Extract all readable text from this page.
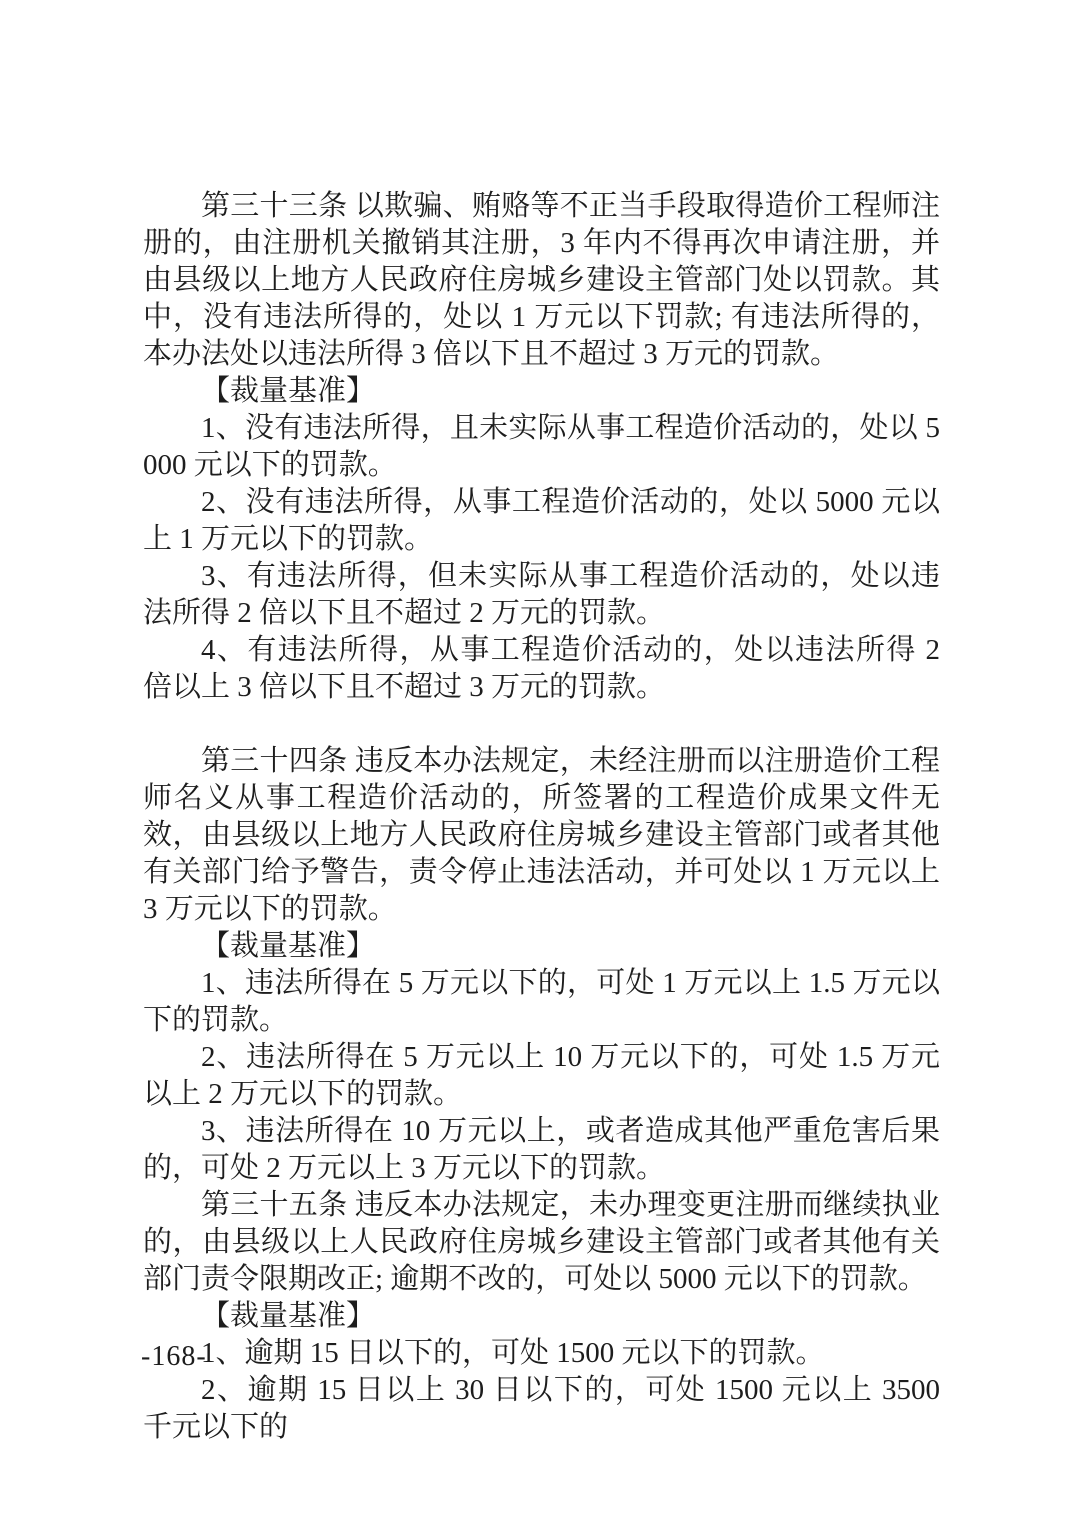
第三十三条 以欺骗、贿赂等不正当手段取得造价工程师注册的，由注册机关撤销其注册，3 年内不得再次申请注册，并由县级以上地方人民政府住房城乡建设主管部门处以罚款。其中，没有违法所得的，处以 1 万元以下罚款; 有违法所得的，本办法处以违法所得 3 倍以下且不超过 3 万元的罚款。

【裁量基准】

1、没有违法所得，且未实际从事工程造价活动的，处以 5000 元以下的罚款。

2、没有违法所得，从事工程造价活动的，处以 5000 元以上 1 万元以下的罚款。

3、有违法所得，但未实际从事工程造价活动的，处以违法所得 2 倍以下且不超过 2 万元的罚款。

4、有违法所得，从事工程造价活动的，处以违法所得 2 倍以上 3 倍以下且不超过 3 万元的罚款。

第三十四条 违反本办法规定，未经注册而以注册造价工程师名义从事工程造价活动的，所签署的工程造价成果文件无效，由县级以上地方人民政府住房城乡建设主管部门或者其他有关部门给予警告，责令停止违法活动，并可处以 1 万元以上 3 万元以下的罚款。

【裁量基准】

1、违法所得在 5 万元以下的，可处 1 万元以上 1.5 万元以下的罚款。

2、违法所得在 5 万元以上 10 万元以下的，可处 1.5 万元以上 2 万元以下的罚款。

3、违法所得在 10 万元以上，或者造成其他严重危害后果的，可处 2 万元以上 3 万元以下的罚款。

第三十五条 违反本办法规定，未办理变更注册而继续执业的，由县级以上人民政府住房城乡建设主管部门或者其他有关部门责令限期改正; 逾期不改的，可处以 5000 元以下的罚款。

【裁量基准】

1、逾期 15 日以下的，可处 1500 元以下的罚款。

2、逾期 15 日以上 30 日以下的，可处 1500 元以上 3500 千元以下的

-168-
